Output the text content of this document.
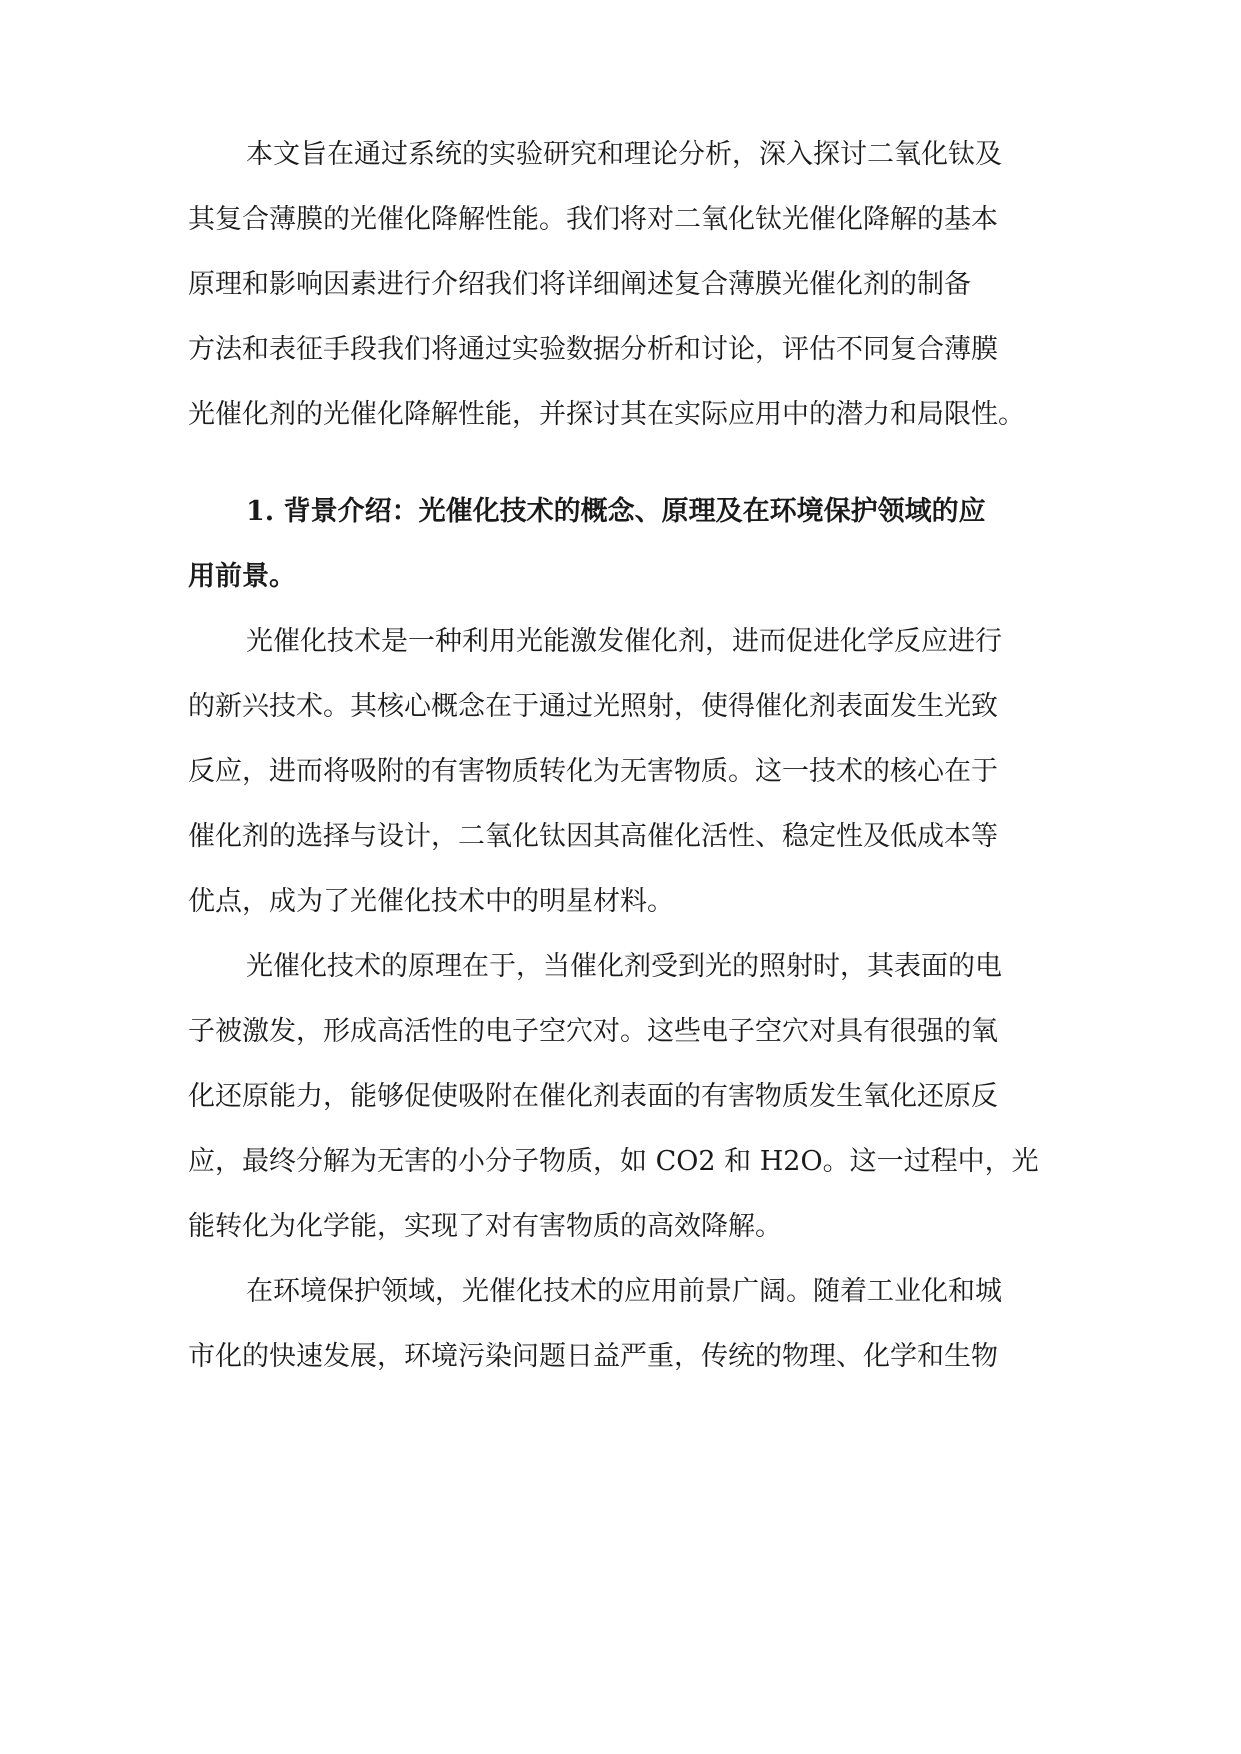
本文旨在通过系统的实验研究和理论分析，深入探讨二氧化钛及
其复合薄膜的光催化降解性能。我们将对二氧化钛光催化降解的基本
原理和影响因素进行介绍我们将详细阐述复合薄膜光催化剂的制备
方法和表征手段我们将通过实验数据分析和讨论，评估不同复合薄膜
光催化剂的光催化降解性能，并探讨其在实际应用中的潜力和局限性。
1. 背景介绍：光催化技术的概念、原理及在环境保护领域的应
用前景。
光催化技术是一种利用光能激发催化剂，进而促进化学反应进行
的新兴技术。其核心概念在于通过光照射，使得催化剂表面发生光致
反应，进而将吸附的有害物质转化为无害物质。这一技术的核心在于
催化剂的选择与设计，二氧化钛因其高催化活性、稳定性及低成本等
优点，成为了光催化技术中的明星材料。
光催化技术的原理在于，当催化剂受到光的照射时，其表面的电
子被激发，形成高活性的电子空穴对。这些电子空穴对具有很强的氧
化还原能力，能够促使吸附在催化剂表面的有害物质发生氧化还原反
应，最终分解为无害的小分子物质，如 CO2 和 H2O。这一过程中，光
能转化为化学能，实现了对有害物质的高效降解。
在环境保护领域，光催化技术的应用前景广阔。随着工业化和城
市化的快速发展，环境污染问题日益严重，传统的物理、化学和生物
